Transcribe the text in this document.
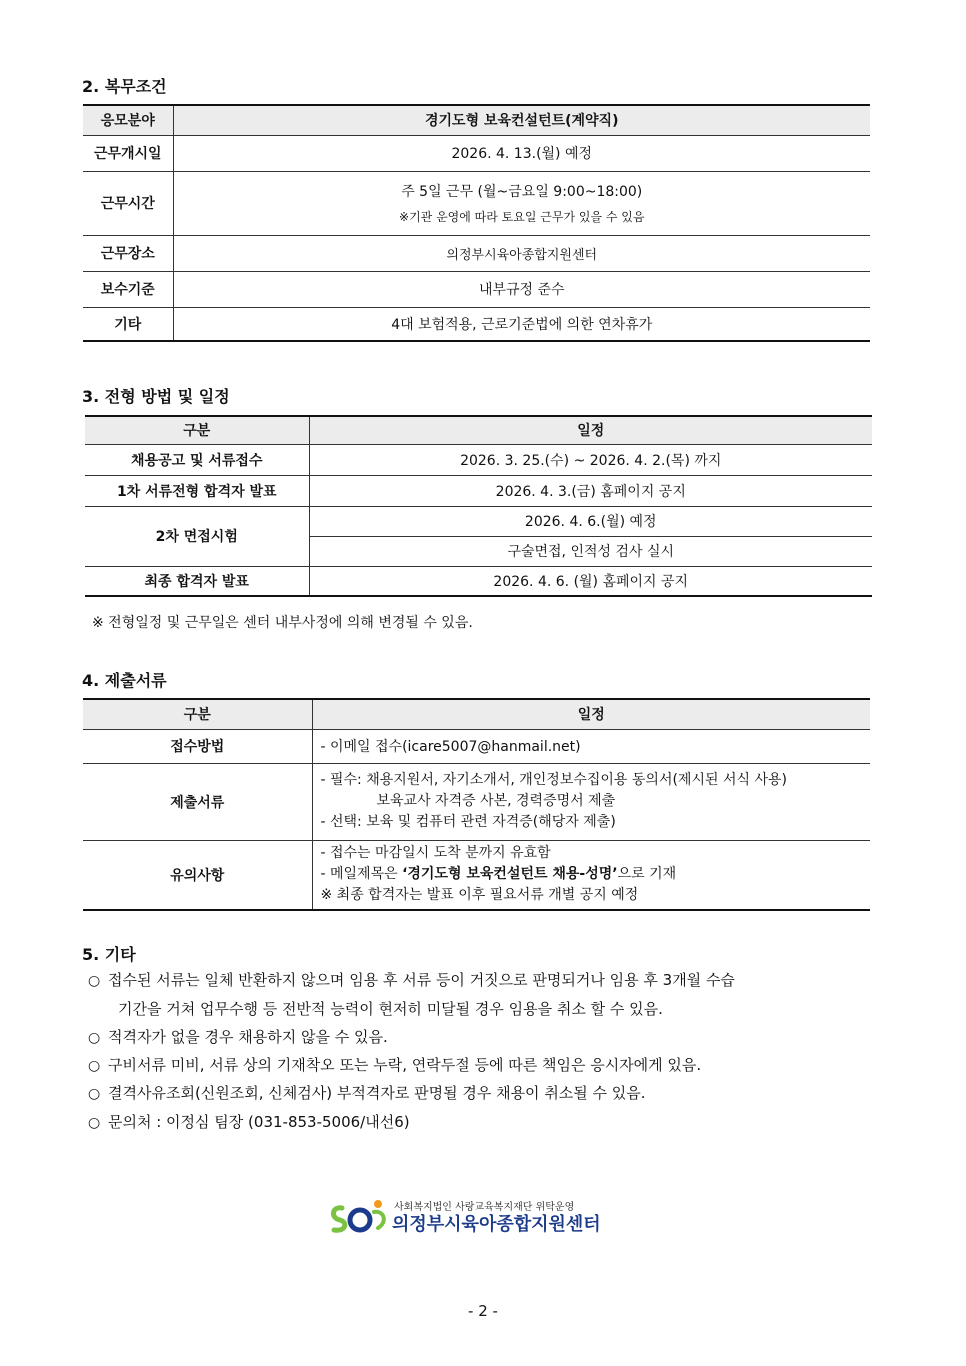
2. 복무조건
응모분야	경기도형 보육컨설턴트(계약직)
근무개시일	2026. 4. 13.(월) 예정
근무시간	주 5일 근무 (월~금요일 9:00~18:00)
※기관 운영에 따라 토요일 근무가 있을 수 있음

근무장소	의정부시육아종합지원센터
보수기준	내부규정 준수
기타	4대 보험적용, 근로기준법에 의한 연차휴가
3. 전형 방법 및 일정
구분	일정
채용공고 및 서류접수	2026. 3. 25.(수) ~ 2026. 4. 2.(목) 까지
1차 서류전형 합격자 발표	2026. 4. 3.(금) 홈페이지 공지
2차 면접시험	2026. 4. 6.(월) 예정
	구술면접, 인적성 검사 실시
최종 합격자 발표	2026. 4. 6. (월) 홈페이지 공지
※ 전형일정 및 근무일은 센터 내부사정에 의해 변경될 수 있음.
4. 제출서류
구분	일정
접수방법	- 이메일 접수(icare5007@hanmail.net)
제출서류	- 필수: 채용지원서, 자기소개서, 개인정보수집이용 동의서(제시된 서식 사용)
보육교사 자격증 사본, 경력증명서 제출
- 선택: 보육 및 컴퓨터 관련 자격증(해당자 제출)

유의사항	- 접수는 마감일시 도착 분까지 유효함
- 메일제목은 ‘경기도형 보육컨설턴트 채용-성명’으로 기재
※ 최종 합격자는 발표 이후 필요서류 개별 공지 예정
5. 기타
○ 접수된 서류는 일체 반환하지 않으며 임용 후 서류 등이 거짓으로 판명되거나 임용 후 3개월 수습
기간을 거쳐 업무수행 등 전반적 능력이 현저히 미달될 경우 임용을 취소 할 수 있음.
○ 적격자가 없을 경우 채용하지 않을 수 있음.
○ 구비서류 미비, 서류 상의 기재착오 또는 누락, 연락두절 등에 따른 책임은 응시자에게 있음.
○ 결격사유조회(신원조회, 신체검사) 부적격자로 판명될 경우 채용이 취소될 수 있음.
○ 문의처 : 이정심 팀장 (031-853-5006/내선6)
사회복지법인 사랑교육복지재단 위탁운영
의정부시육아종합지원센터
- 2 -
